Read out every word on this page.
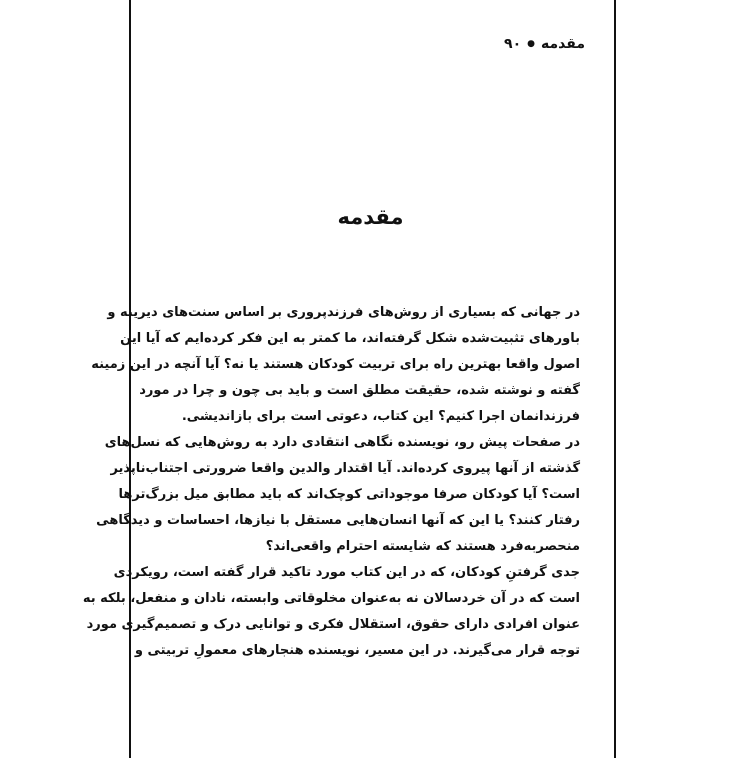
مقدمه●۹۰
مقدمه
در جهانی که بسیاری از روش‌های فرزندپروری بر اساس سنت‌های دیرینه و
باورهای تثبیت‌شده شکل گرفته‌اند، ما کمتر به این فکر کرده‌ایم که آیا این
اصول واقعا بهترین راه برای تربیت کودکان هستند یا نه؟ آیا آنچه در این زمینه
گفته و نوشته شده، حقیقت مطلق است و باید بی چون و چرا در مورد
فرزندانمان اجرا کنیم؟ این کتاب، دعوتی است برای بازاندیشی.
در صفحات پیش رو، نویسنده نگاهی انتقادی دارد به روش‌هایی که نسل‌های
گذشته از آنها پیروی کرده‌اند. آیا اقتدار والدین واقعا ضرورتی اجتناب‌ناپذیر
است؟ آیا کودکان صرفا موجوداتی کوچک‌اند که باید مطابق میل بزرگ‌ترها
رفتار کنند؟ یا این که آنها انسان‌هایی مستقل با نیازها، احساسات و دیدگاهی
منحصربه‌فرد هستند که شایسته احترام واقعی‌اند؟
جدی گرفتنِ کودکان، که در این کتاب مورد تاکید قرار گفته است، رویکردی
است که در آن خردسالان نه به‌عنوان مخلوقاتی وابسته، نادان و منفعل، بلکه به
عنوان افرادی دارای حقوق، استقلال فکری و توانایی درک و تصمیم‌گیری مورد
توجه قرار می‌گیرند. در این مسیر، نویسنده هنجارهای معمولِ تربیتی و
